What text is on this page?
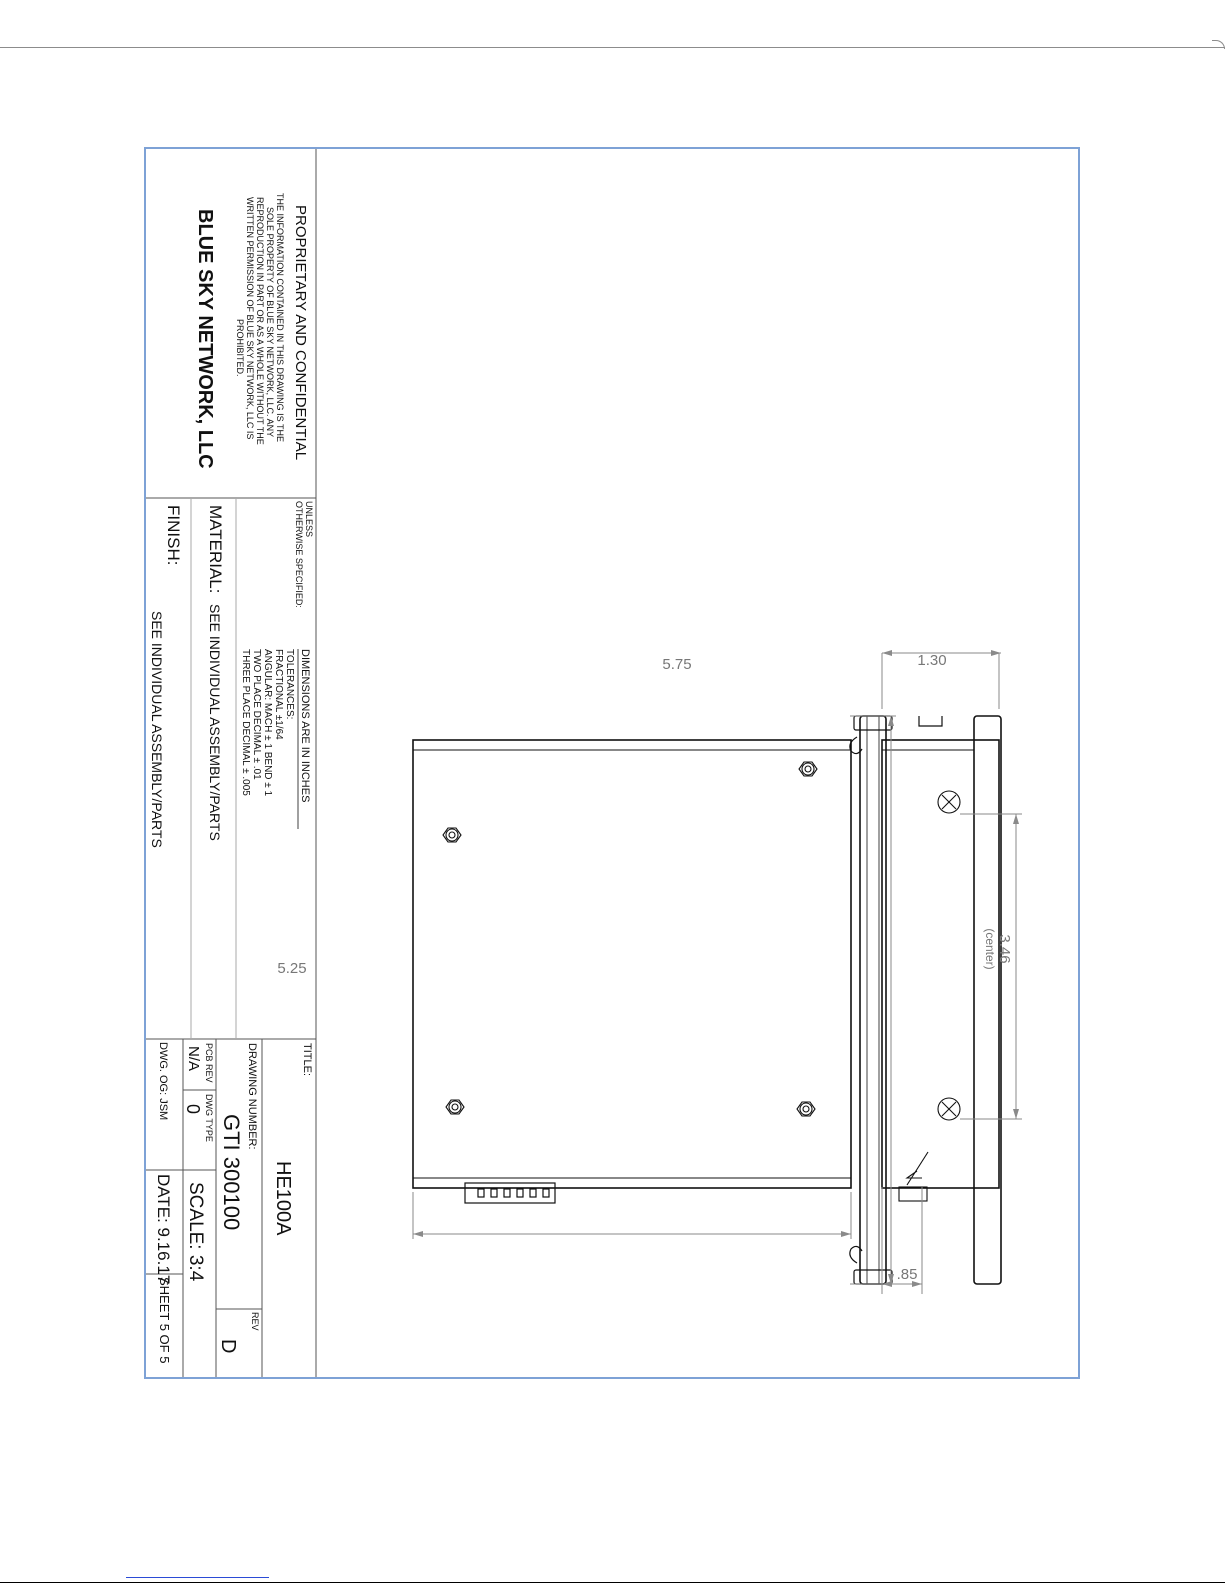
5.75
5.25
1.30
3.46
(center)
.85
PROPRIETARY AND CONFIDENTIAL
THE INFORMATION CONTAINED IN THIS DRAWING IS THE
SOLE PROPERTY OF BLUE SKY NETWORK, LLC. ANY
REPRODUCTION IN PART OR AS A WHOLE WITHOUT THE
WRITTEN PERMISSION OF BLUE SKY NETWORK, LLC IS
PROHIBITED.
BLUE SKY NETWORK, LLC
UNLESS
OTHERWISE SPECIFIED:
DIMENSIONS ARE IN INCHES
TOLERANCES:
FRACTIONAL ±1/64
ANGULAR: MACH ± 1 BEND ± 1
TWO PLACE DECIMAL ± .01
THREE PLACE DECIMAL ± .005
MATERIAL:
SEE INDIVIDUAL ASSEMBLY/PARTS
FINISH:
SEE INDIVIDUAL ASSEMBLY/PARTS
TITLE:
HE100A
DRAWING NUMBER:
GTI 300100
REV
D
PCB REV
N/A
DWG TYPE
0
SCALE: 3:4
DWG. OG: JSM
DATE: 9.16.17
SHEET 5 OF 5
